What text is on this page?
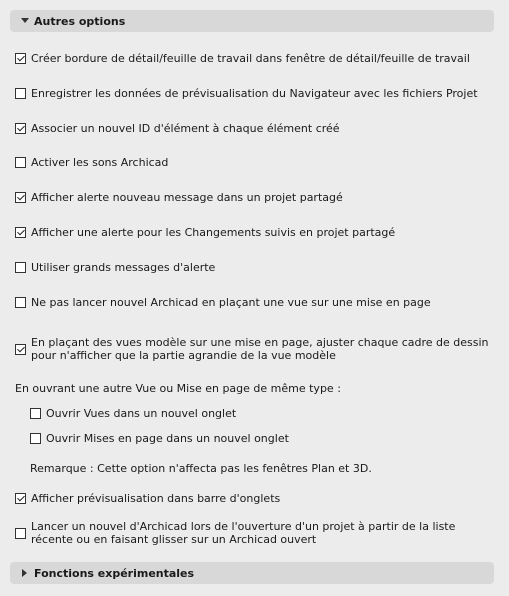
Autres options
Créer bordure de détail/feuille de travail dans fenêtre de détail/feuille de travail
Enregistrer les données de prévisualisation du Navigateur avec les fichiers Projet
Associer un nouvel ID d'élément à chaque élément créé
Activer les sons Archicad
Afficher alerte nouveau message dans un projet partagé
Afficher une alerte pour les Changements suivis en projet partagé
Utiliser grands messages d'alerte
Ne pas lancer nouvel Archicad en plaçant une vue sur une mise en page
En plaçant des vues modèle sur une mise en page, ajuster chaque cadre de dessin pour n'afficher que la partie agrandie de la vue modèle
En ouvrant une autre Vue ou Mise en page de même type :
Ouvrir Vues dans un nouvel onglet
Ouvrir Mises en page dans un nouvel onglet
Remarque : Cette option n'affecta pas les fenêtres Plan et 3D.
Afficher prévisualisation dans barre d'onglets
Lancer un nouvel d'Archicad lors de l'ouverture d'un projet à partir de la liste récente ou en faisant glisser sur un Archicad ouvert
Fonctions expérimentales
